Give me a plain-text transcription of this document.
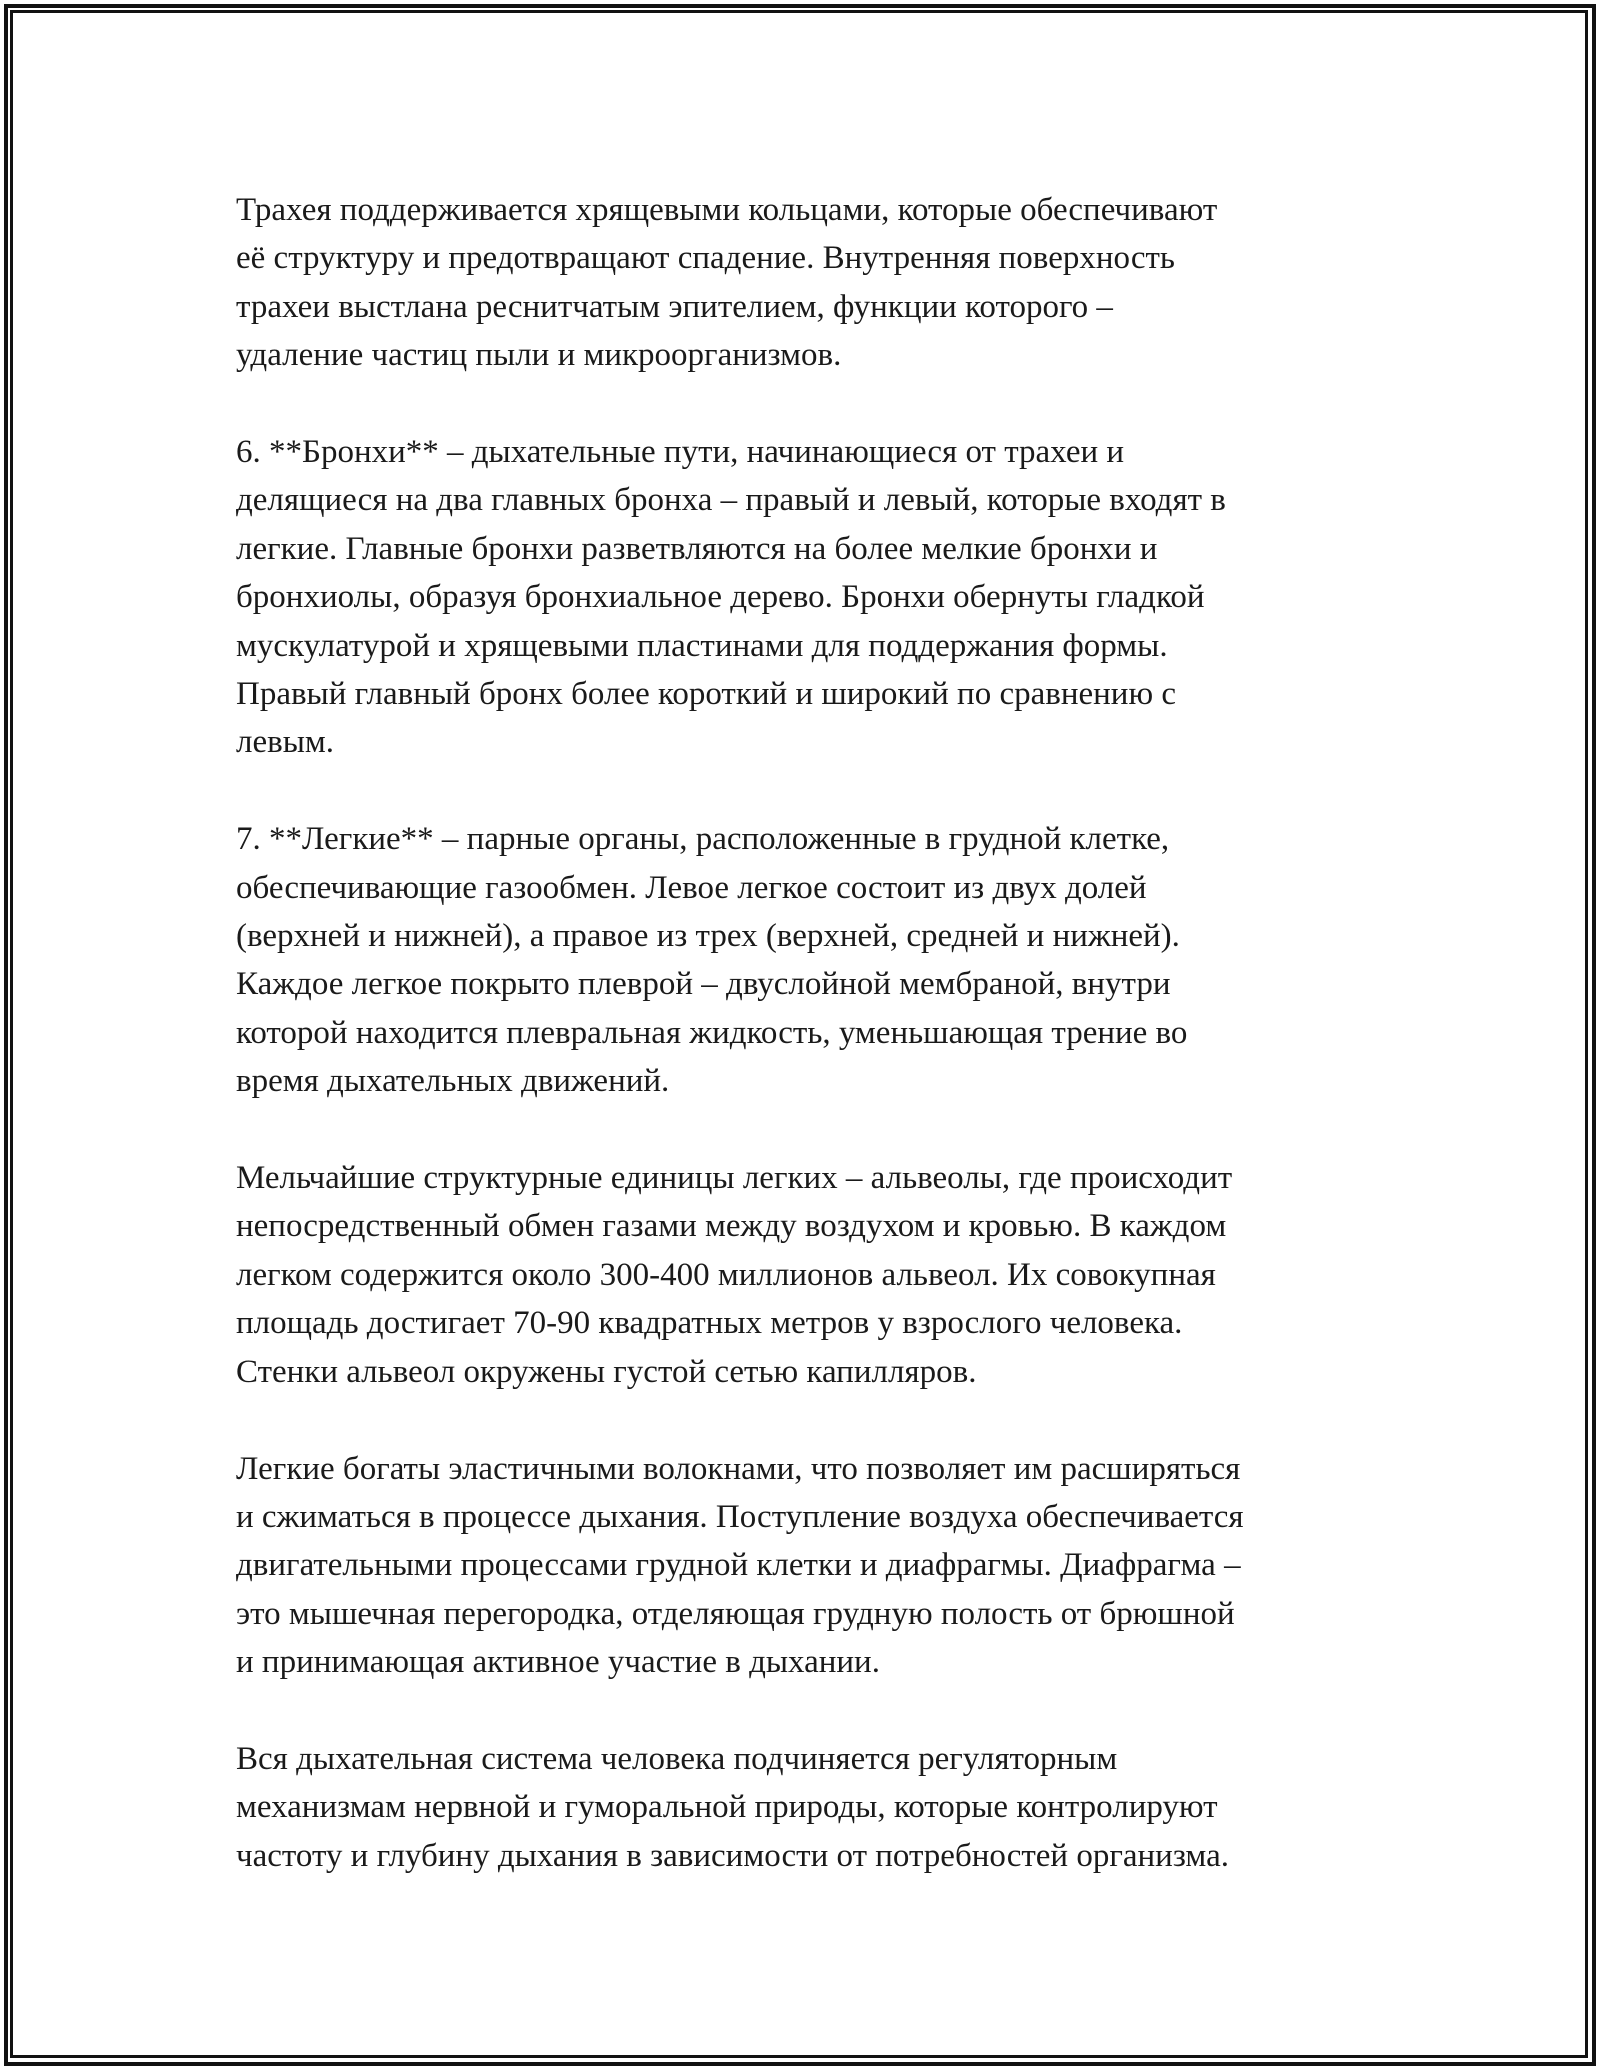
Трахея поддерживается хрящевыми кольцами, которые обеспечивают
её структуру и предотвращают спадение. Внутренняя поверхность
трахеи выстлана реснитчатым эпителием, функции которого –
удаление частиц пыли и микроорганизмов.

6. **Бронхи** – дыхательные пути, начинающиеся от трахеи и
делящиеся на два главных бронха – правый и левый, которые входят в
легкие. Главные бронхи разветвляются на более мелкие бронхи и
бронхиолы, образуя бронхиальное дерево. Бронхи обернуты гладкой
мускулатурой и хрящевыми пластинами для поддержания формы.
Правый главный бронх более короткий и широкий по сравнению с
левым.

7. **Легкие** – парные органы, расположенные в грудной клетке,
обеспечивающие газообмен. Левое легкое состоит из двух долей
(верхней и нижней), а правое из трех (верхней, средней и нижней).
Каждое легкое покрыто плеврой – двуслойной мембраной, внутри
которой находится плевральная жидкость, уменьшающая трение во
время дыхательных движений.

Мельчайшие структурные единицы легких – альвеолы, где происходит
непосредственный обмен газами между воздухом и кровью. В каждом
легком содержится около 300-400 миллионов альвеол. Их совокупная
площадь достигает 70-90 квадратных метров у взрослого человека.
Стенки альвеол окружены густой сетью капилляров.

Легкие богаты эластичными волокнами, что позволяет им расширяться
и сжиматься в процессе дыхания. Поступление воздуха обеспечивается
двигательными процессами грудной клетки и диафрагмы. Диафрагма –
это мышечная перегородка, отделяющая грудную полость от брюшной
и принимающая активное участие в дыхании.

Вся дыхательная система человека подчиняется регуляторным
механизмам нервной и гуморальной природы, которые контролируют
частоту и глубину дыхания в зависимости от потребностей организма.
